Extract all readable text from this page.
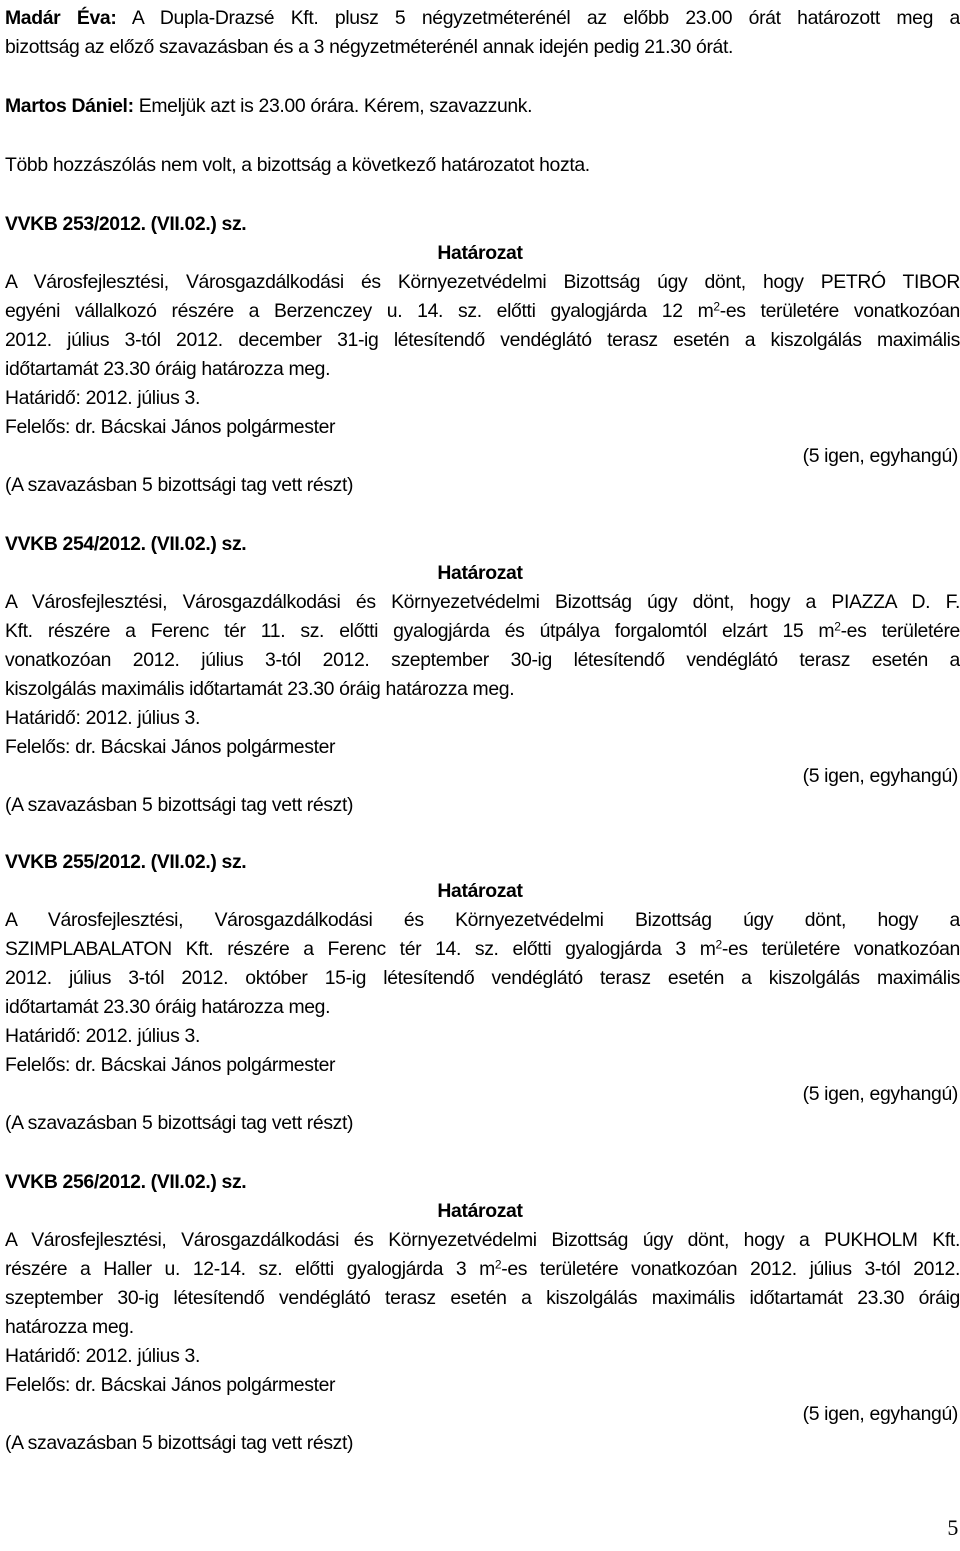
Madár Éva: A Dupla-Drazsé Kft. plusz 5 négyzetméterénél az előbb 23.00 órát határozott meg a
bizottság az előző szavazásban és a 3 négyzetméterénél annak idején pedig 21.30 órát.
Martos Dániel: Emeljük azt is 23.00 órára. Kérem, szavazzunk.
Több hozzászólás nem volt, a bizottság a következő határozatot hozta.
VVKB 253/2012. (VII.02.) sz.
Határozat
A Városfejlesztési, Városgazdálkodási és Környezetvédelmi Bizottság úgy dönt, hogy PETRÓ TIBOR
egyéni vállalkozó részére a Berzenczey u. 14. sz. előtti gyalogjárda 12 $m^2-es$ területére vonatkozóan
2012. július 3-tól 2012. december 31-ig létesítendő vendéglátó terasz esetén a kiszolgálás maximális
időtartamát 23.30 óráig határozza meg.
Határidő: 2012. július 3.
Felelős: dr. Bácskai János polgármester
(5 igen, egyhangú)
(A szavazásban 5 bizottsági tag vett részt)
VVKB 254/2012. (VII.02.) sz.
Határozat
A Városfejlesztési, Városgazdálkodási és Környezetvédelmi Bizottság úgy dönt, hogy a PIAZZA D. F.
Kft. részére a Ferenc tér 11. sz. előtti gyalogjárda és útpálya forgalomtól elzárt 15 $m^2-es$ területére
vonatkozóan 2012. július 3-tól 2012. szeptember 30-ig létesítendő vendéglátó terasz esetén a
kiszolgálás maximális időtartamát 23.30 óráig határozza meg.
Határidő: 2012. július 3.
Felelős: dr. Bácskai János polgármester
(5 igen, egyhangú)
(A szavazásban 5 bizottsági tag vett részt)
VVKB 255/2012. (VII.02.) sz.
Határozat
A Városfejlesztési, Városgazdálkodási és Környezetvédelmi Bizottság úgy dönt, hogy a
SZIMPLABALATON Kft. részére a Ferenc tér 14. sz. előtti gyalogjárda 3 $m^2-es$ területére vonatkozóan
2012. július 3-tól 2012. október 15-ig létesítendő vendéglátó terasz esetén a kiszolgálás maximális
időtartamát 23.30 óráig határozza meg.
Határidő: 2012. július 3.
Felelős: dr. Bácskai János polgármester
(5 igen, egyhangú)
(A szavazásban 5 bizottsági tag vett részt)
VVKB 256/2012. (VII.02.) sz.
Határozat
A Városfejlesztési, Városgazdálkodási és Környezetvédelmi Bizottság úgy dönt, hogy a PUKHOLM Kft.
részére a Haller u. 12-14. sz. előtti gyalogjárda 3 $m^2-es$ területére vonatkozóan 2012. július 3-tól 2012.
szeptember 30-ig létesítendő vendéglátó terasz esetén a kiszolgálás maximális időtartamát 23.30 óráig
határozza meg.
Határidő: 2012. július 3.
Felelős: dr. Bácskai János polgármester
(5 igen, egyhangú)
(A szavazásban 5 bizottsági tag vett részt)
5
